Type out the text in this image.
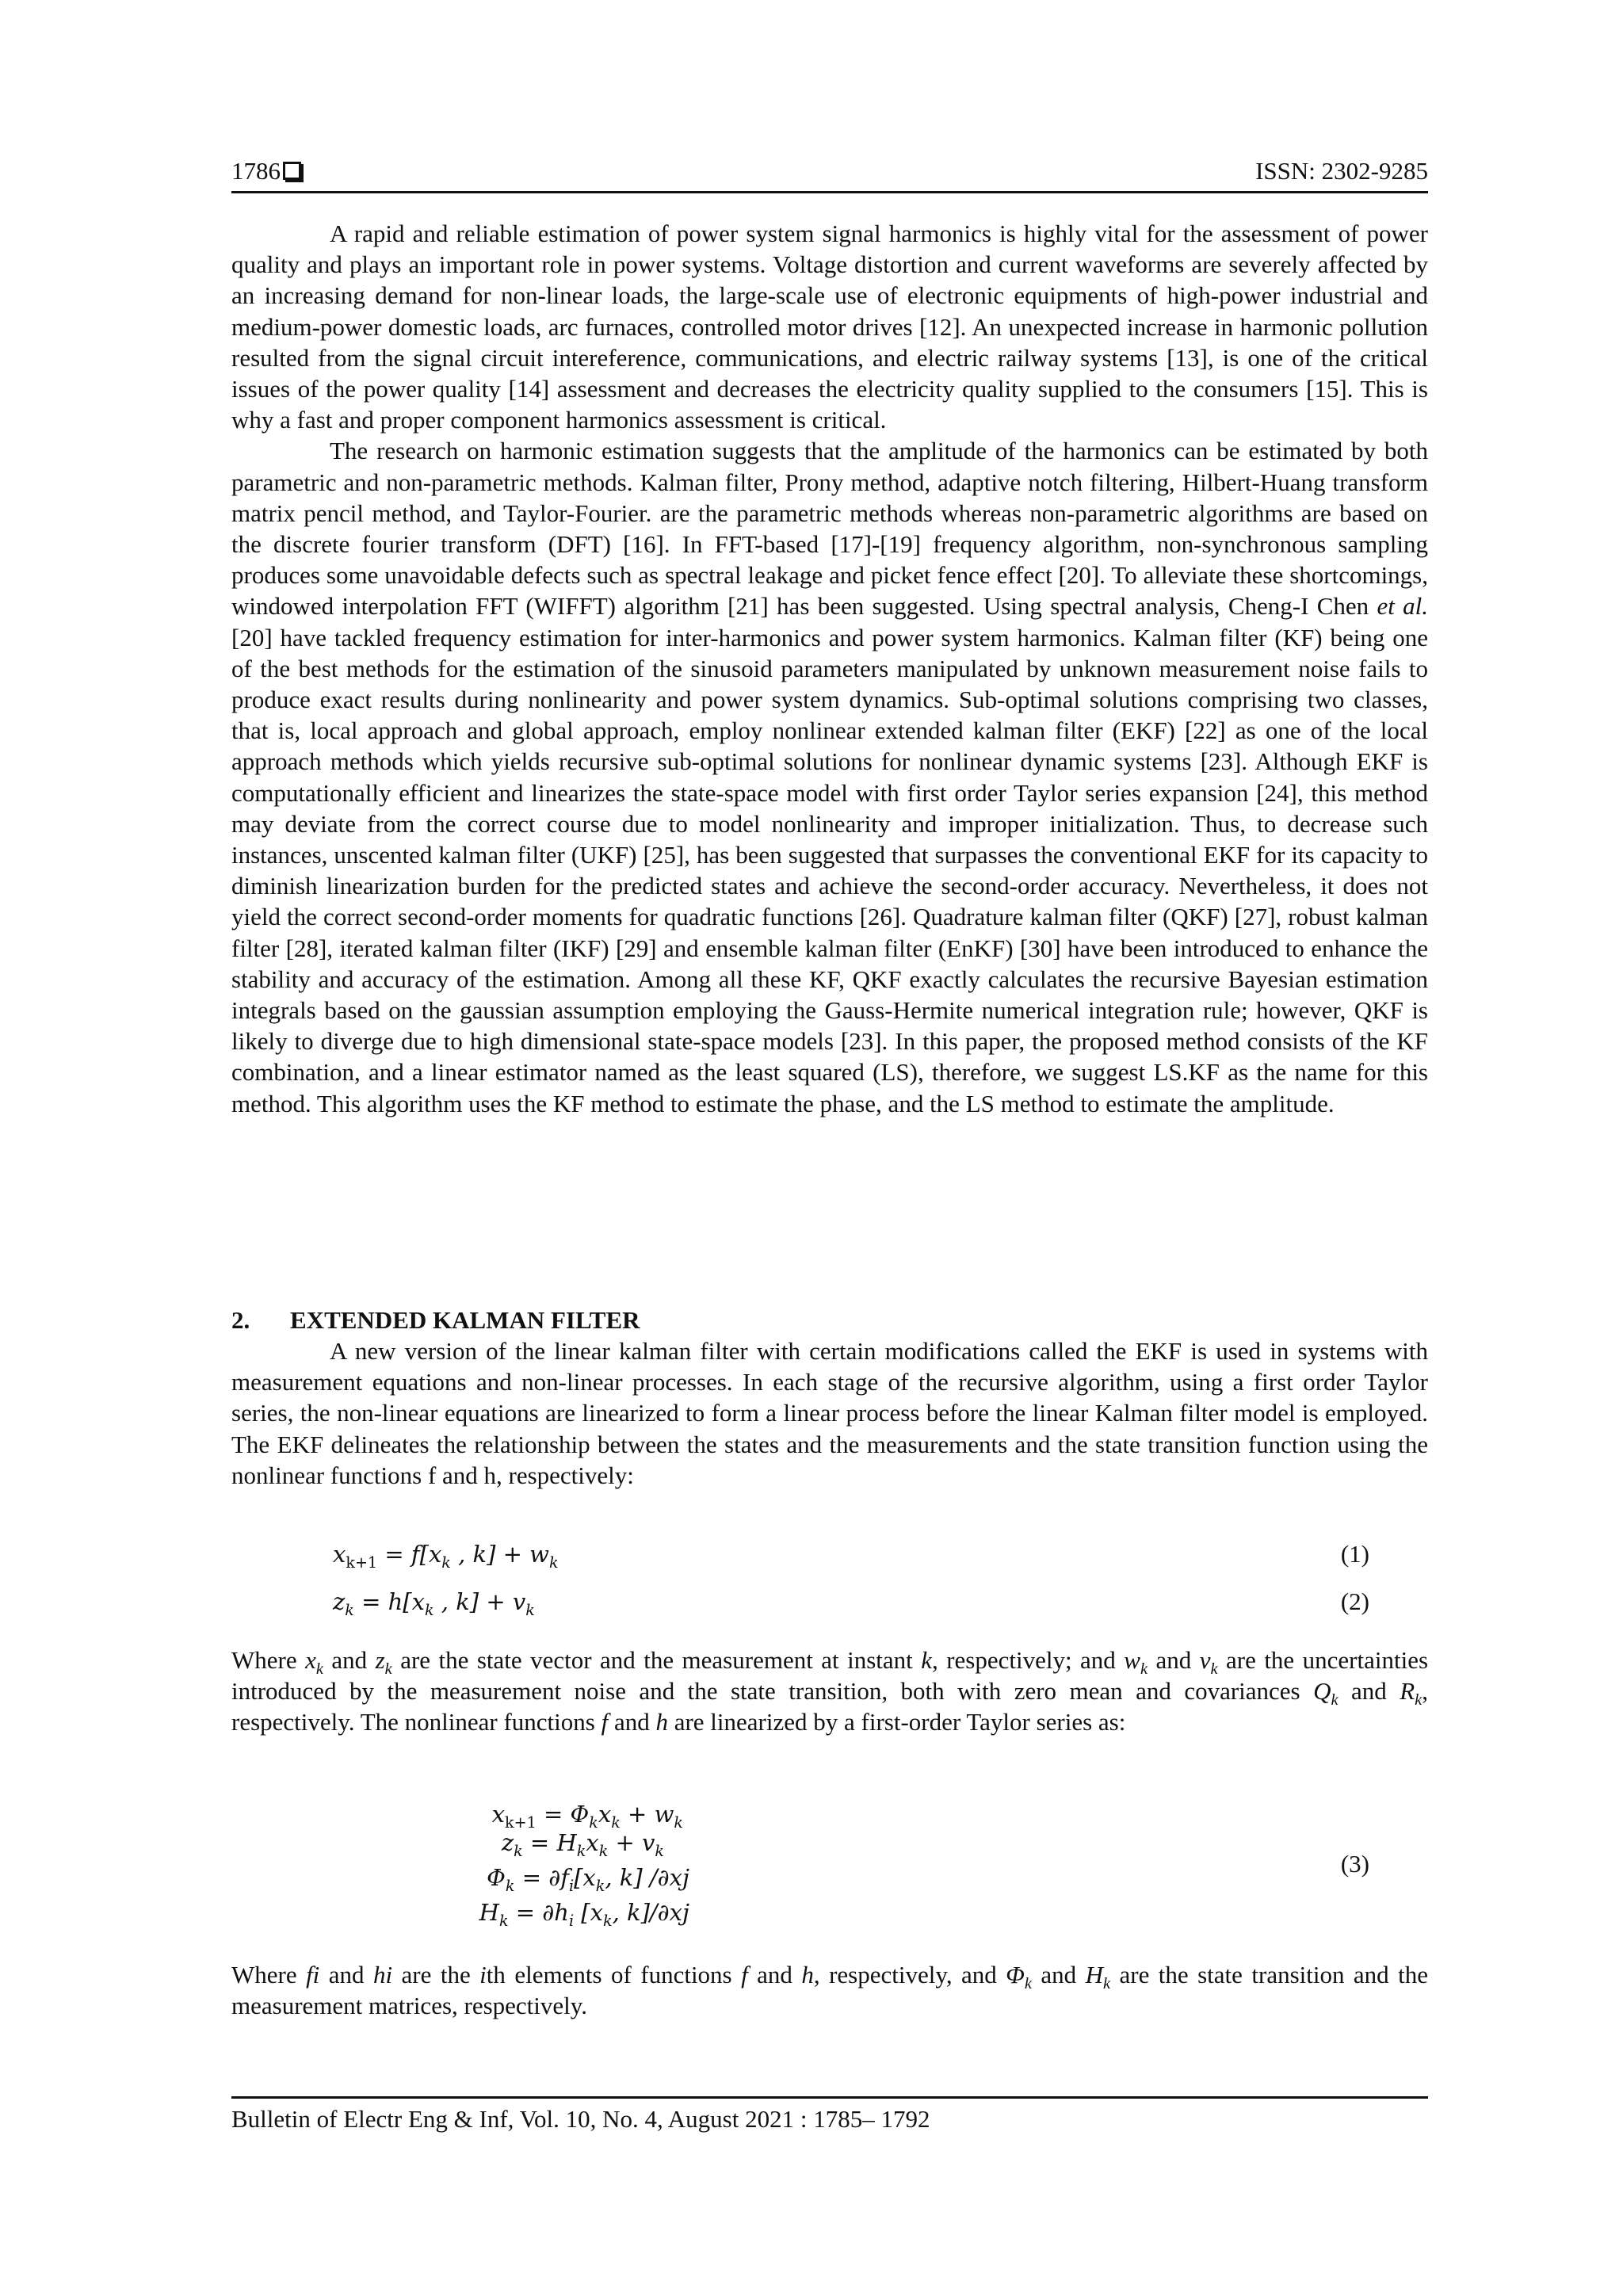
1786	ISSN: 2302-9285

A rapid and reliable estimation of power system signal harmonics is highly vital for the assessment of power quality and plays an important role in power systems. Voltage distortion and current waveforms are severely affected by an increasing demand for non-linear loads, the large-scale use of electronic equipments of high-power industrial and medium-power domestic loads, arc furnaces, controlled motor drives [12]. An unexpected increase in harmonic pollution resulted from the signal circuit intereference, communications, and electric railway systems [13], is one of the critical issues of the power quality [14] assessment and decreases the electricity quality supplied to the consumers [15]. This is why a fast and proper component harmonics assessment is critical.

The research on harmonic estimation suggests that the amplitude of the harmonics can be estimated by both parametric and non-parametric methods. Kalman filter, Prony method, adaptive notch filtering, Hilbert-Huang transform matrix pencil method, and Taylor-Fourier. are the parametric methods whereas non-parametric algorithms are based on the discrete fourier transform (DFT) [16]. In FFT-based [17]-[19] frequency algorithm, non-synchronous sampling produces some unavoidable defects such as spectral leakage and picket fence effect [20]. To alleviate these shortcomings, windowed interpolation FFT (WIFFT) algorithm [21] has been suggested. Using spectral analysis, Cheng-I Chen et al. [20] have tackled frequency estimation for inter-harmonics and power system harmonics. Kalman filter (KF) being one of the best methods for the estimation of the sinusoid parameters manipulated by unknown measurement noise fails to produce exact results during nonlinearity and power system dynamics. Sub-optimal solutions comprising two classes, that is, local approach and global approach, employ nonlinear extended kalman filter (EKF) [22] as one of the local approach methods which yields recursive sub-optimal solutions for nonlinear dynamic systems [23]. Although EKF is computationally efficient and linearizes the state-space model with first order Taylor series expansion [24], this method may deviate from the correct course due to model nonlinearity and improper initialization. Thus, to decrease such instances, unscented kalman filter (UKF) [25], has been suggested that surpasses the conventional EKF for its capacity to diminish linearization burden for the predicted states and achieve the second-order accuracy. Nevertheless, it does not yield the correct second-order moments for quadratic functions [26]. Quadrature kalman filter (QKF) [27], robust kalman filter [28], iterated kalman filter (IKF) [29] and ensemble kalman filter (EnKF) [30] have been introduced to enhance the stability and accuracy of the estimation. Among all these KF, QKF exactly calculates the recursive Bayesian estimation integrals based on the gaussian assumption employing the Gauss-Hermite numerical integration rule; however, QKF is likely to diverge due to high dimensional state-space models [23]. In this paper, the proposed method consists of the KF combination, and a linear estimator named as the least squared (LS), therefore, we suggest LS.KF as the name for this method. This algorithm uses the KF method to estimate the phase, and the LS method to estimate the amplitude.

2. EXTENDED KALMAN FILTER

A new version of the linear kalman filter with certain modifications called the EKF is used in systems with measurement equations and non-linear processes. In each stage of the recursive algorithm, using a first order Taylor series, the non-linear equations are linearized to form a linear process before the linear Kalman filter model is employed. The EKF delineates the relationship between the states and the measurements and the state transition function using the nonlinear functions f and h, respectively:

$x_{k+1} = f[x_k$ , $k] + w_k$	(1)
$z_k = h[x_k$ , $k] + v_k$	(2)
Where $x_k$ and $z_k$ are the state vector and the measurement at instant k, respectively; and $w_k$ and $v_k$ are the uncertainties introduced by the measurement noise and the state transition, both with zero mean and covariances $Q_k$ and $R_k$, respectively. The nonlinear functions f and h are linearized by a first-order Taylor series as:
$x_{k+1} = \Phi_kx_k + w_k$
$z_k = H_kx_k + v_k$
$\Phi_k = \partial f_i[x_k$, k] /∂xj
$H_k = \partial h_i$ [$x_k$, k]/∂xj
(3)
Where fi and hi are the ith elements of functions f and h, respectively, and $\Phi_k$ and $H_k$ are the state transition and the measurement matrices, respectively.
Bulletin of Electr Eng & Inf, Vol. 10, No. 4, August 2021 : 1785– 1792
